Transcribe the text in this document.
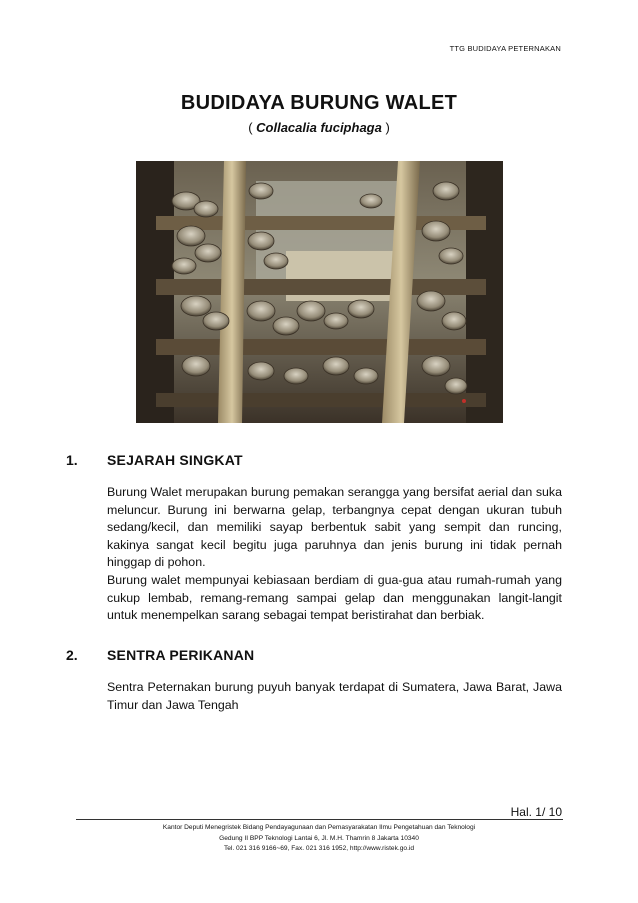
TTG BUDIDAYA PETERNAKAN
BUDIDAYA BURUNG WALET
( Collacalia fuciphaga )
1. SEJARAH SINGKAT

Burung Walet merupakan burung pemakan serangga yang bersifat aerial dan suka meluncur. Burung ini berwarna gelap, terbangnya cepat dengan ukuran tubuh sedang/kecil, dan memiliki sayap berbentuk sabit yang sempit dan runcing, kakinya sangat kecil begitu juga paruhnya dan jenis burung ini tidak pernah hinggap di pohon.

Burung walet mempunyai kebiasaan berdiam di gua-gua atau rumah-rumah yang cukup lembab, remang-remang sampai gelap dan menggunakan langit-langit untuk menempelkan sarang sebagai tempat beristirahat dan berbiak.

2. SENTRA PERIKANAN

Sentra Peternakan burung puyuh banyak terdapat di Sumatera, Jawa Barat, Jawa Timur dan Jawa Tengah

Hal. 1/ 10
Kantor Deputi Menegristek Bidang Pendayagunaan dan Pemasyarakatan Ilmu Pengetahuan dan Teknologi
Gedung II BPP Teknologi Lantai 6, Jl. M.H. Thamrin 8 Jakarta 10340
Tel. 021 316 9166~69, Fax. 021 316 1952, http://www.ristek.go.id
